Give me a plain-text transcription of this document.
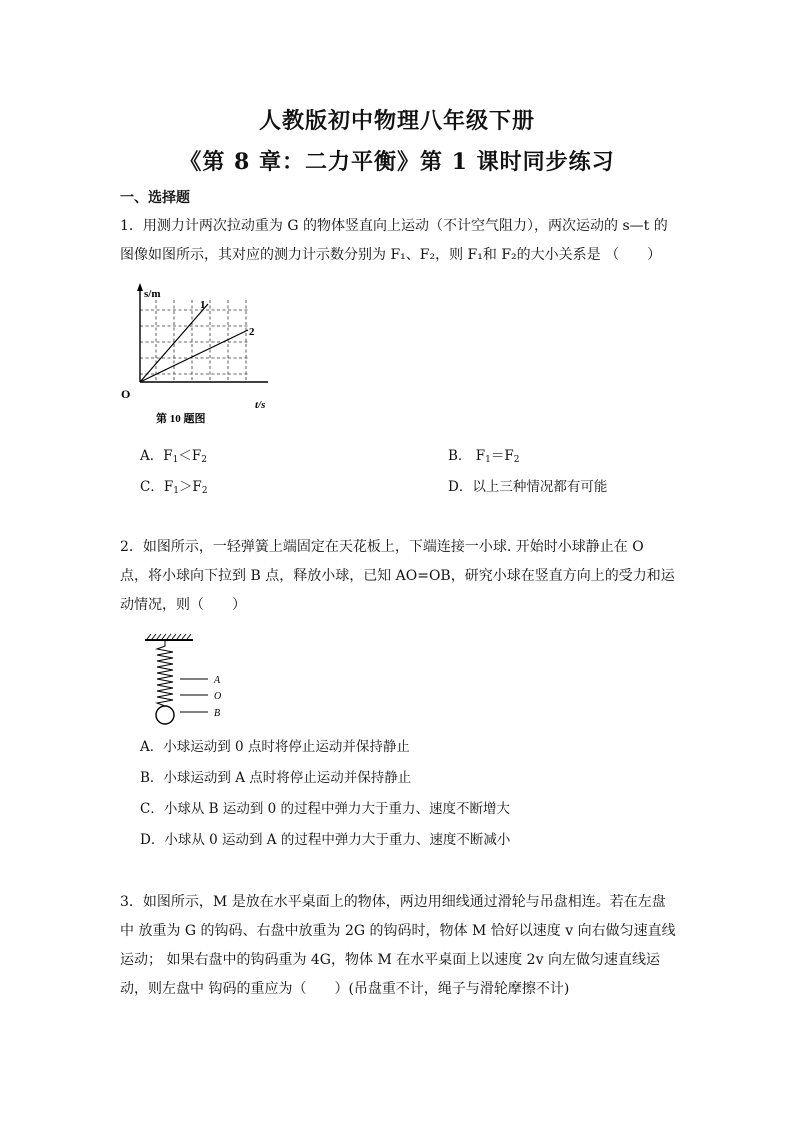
人教版初中物理八年级下册
《第 8 章：二力平衡》第 1 课时同步练习
一、选择题

1．用测力计两次拉动重为 G 的物体竖直向上运动（不计空气阻力），两次运动的 s—t 的图像如图所示，其对应的测力计示数分别为 F₁、F₂，则 F₁和 F₂的大小关系是 （　　）

s/m
1
2
O
t/s
第 10 题图
A．$F_1<F_2$	B． $F_1=F_2$
C．$F_1>F_2$	D．以上三种情况都有可能

2．如图所示，一轻弹簧上端固定在天花板上，下端连接一小球. 开始时小球静止在 O 点，将小球向下拉到 B 点，释放小球，已知 AO=OB，研究小球在竖直方向上的受力和运动情况，则（　　）

A
O
B
A．小球运动到 0 点时将停止运动并保持静止
B．小球运动到 A 点时将停止运动并保持静止
C．小球从 B 运动到 0 的过程中弹力大于重力、速度不断增大
D．小球从 0 运动到 A 的过程中弹力大于重力、速度不断减小

3．如图所示，M 是放在水平桌面上的物体，两边用细线通过滑轮与吊盘相连。若在左盘中 放重为 G 的钩码、右盘中放重为 2G 的钩码时，物体 M 恰好以速度 v 向右做匀速直线运动； 如果右盘中的钩码重为 4G，物体 M 在水平桌面上以速度 2v 向左做匀速直线运动，则左盘中 钩码的重应为（　　）(吊盘重不计，绳子与滑轮摩擦不计)
